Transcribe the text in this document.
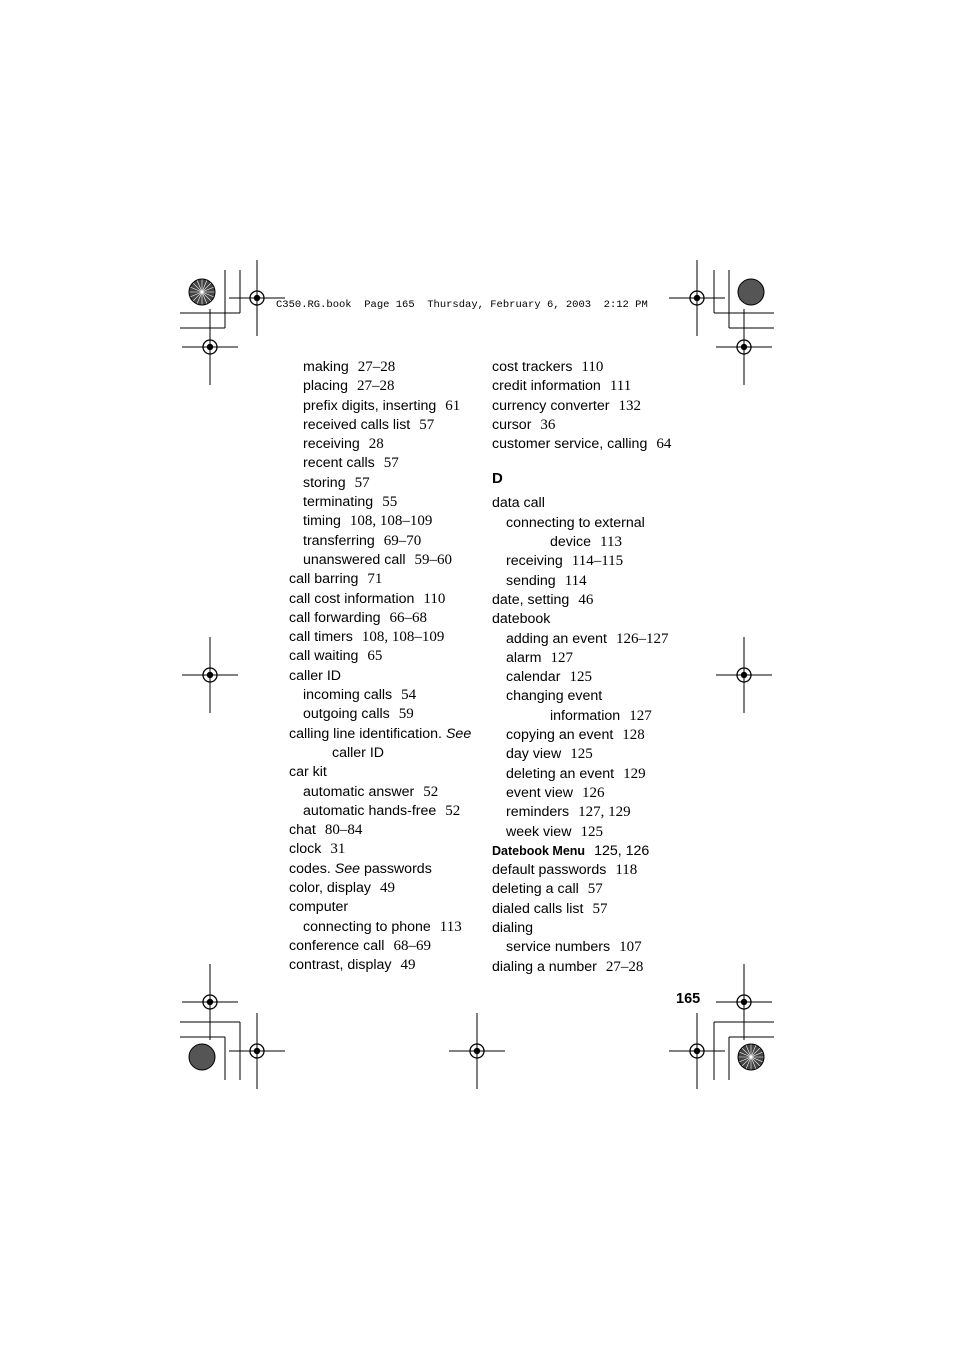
C350.RG.book  Page 165  Thursday, February 6, 2003  2:12 PM
making 27–28
placing 27–28
prefix digits, inserting 61
received calls list 57
receiving 28
recent calls 57
storing 57
terminating 55
timing 108, 108–109
transferring 69–70
unanswered call 59–60
call barring 71
call cost information 110
call forwarding 66–68
call timers 108, 108–109
call waiting 65
caller ID
incoming calls 54
outgoing calls 59
calling line identification. See
caller ID
car kit
automatic answer 52
automatic hands-free 52
chat 80–84
clock 31
codes. See passwords
color, display 49
computer
connecting to phone 113
conference call 68–69
contrast, display 49
cost trackers 110
credit information 111
currency converter 132
cursor 36
customer service, calling 64
D
data call
connecting to external
device 113
receiving 114–115
sending 114
date, setting 46
datebook
adding an event 126–127
alarm 127
calendar 125
changing event
information 127
copying an event 128
day view 125
deleting an event 129
event view 126
reminders 127, 129
week view 125
Datebook Menu 125, 126
default passwords 118
deleting a call 57
dialed calls list 57
dialing
service numbers 107
dialing a number 27–28
165
